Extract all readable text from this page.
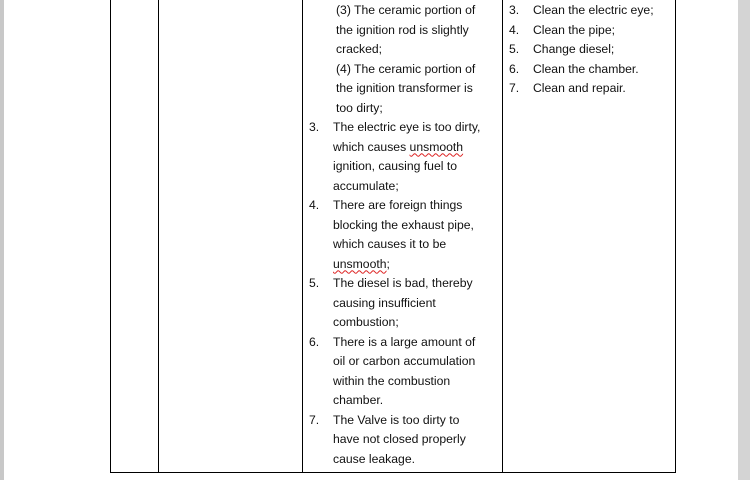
(3) The ceramic portion of
the ignition rod is slightly
cracked;
(4) The ceramic portion of
the ignition transformer is
too dirty;
3. The electric eye is too dirty,
which causes unsmooth
ignition, causing fuel to
accumulate;
4. There are foreign things
blocking the exhaust pipe,
which causes it to be
unsmooth;
5. The diesel is bad, thereby
causing insufficient
combustion;
6. There is a large amount of
oil or carbon accumulation
within the combustion
chamber.
7. The Valve is too dirty to
have not closed properly
cause leakage.
3. Clean the electric eye;
4. Clean the pipe;
5. Change diesel;
6. Clean the chamber.
7. Clean and repair.
